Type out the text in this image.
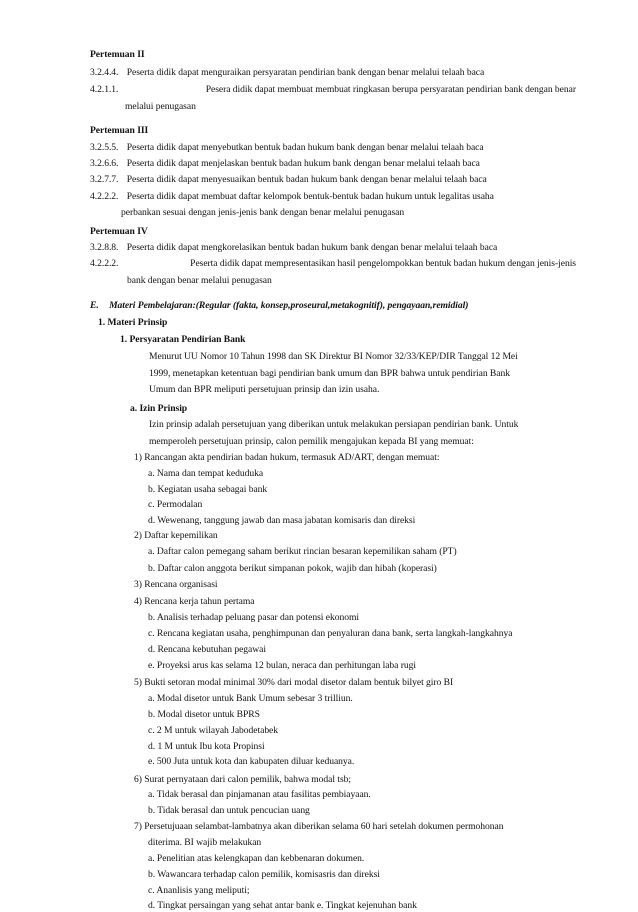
Pertemuan II
3.2.4.4. Peserta didik dapat menguraikan persyaratan pendirian bank dengan benar melalui telaah baca
4.2.1.1.	Pesera didik dapat membuat membuat ringkasan berupa persyaratan pendirian bank dengan benar
melalui penugasan
Pertemuan III
3.2.5.5. Peserta didik dapat menyebutkan bentuk badan hukum bank dengan benar melalui telaah baca
3.2.6.6. Peserta didik dapat menjelaskan bentuk badan hukum bank dengan benar melalui telaah baca
3.2.7.7. Peserta didik dapat menyesuaikan bentuk badan hukum bank dengan benar melalui telaah baca
4.2.2.2. Peserta didik dapat membuat daftar kelompok bentuk-bentuk badan hukum untuk legalitas usaha
perbankan sesuai dengan jenis-jenis bank dengan benar melalui penugasan
Pertemuan IV
3.2.8.8. Peserta didik dapat mengkorelasikan bentuk badan hukum bank dengan benar melalui telaah baca
4.2.2.2.	Peserta didik dapat mempresentasikan hasil pengelompokkan bentuk badan hukum dengan jenis-jenis
bank dengan benar melalui penugasan
E. Materi Pembelajaran:(Regular (fakta, konsep,proseural,metakognitif), pengayaan,remidial)
1. Materi Prinsip
1. Persyaratan Pendirian Bank
Menurut UU Nomor 10 Tahun 1998 dan SK Direktur BI Nomor 32/33/KEP/DIR Tanggal 12 Mei
1999, menetapkan ketentuan bagi pendirian bank umum dan BPR bahwa untuk pendirian Bank
Umum dan BPR meliputi persetujuan prinsip dan izin usaha.
a. Izin Prinsip
Izin prinsip adalah persetujuan yang diberikan untuk melakukan persiapan pendirian bank. Untuk
memperoleh persetujuan prinsip, calon pemilik mengajukan kepada BI yang memuat:
1) Rancangan akta pendirian badan hukum, termasuk AD/ART, dengan memuat:
a. Nama dan tempat keduduka
b. Kegiatan usaha sebagai bank
c. Permodalan
d. Wewenang, tanggung jawab dan masa jabatan komisaris dan direksi
2) Daftar kepemilikan
a. Daftar calon pemegang saham berikut rincian besaran kepemilikan saham (PT)
b. Daftar calon anggota berikut simpanan pokok, wajib dan hibah (koperasi)
3) Rencana organisasi
4) Rencana kerja tahun pertama
b. Analisis terhadap peluang pasar dan potensi ekonomi
c. Rencana kegiatan usaha, penghimpunan dan penyaluran dana bank, serta langkah-langkahnya
d. Rencana kebutuhan pegawai
e. Proyeksi arus kas selama 12 bulan, neraca dan perhitungan laba rugi
5) Bukti setoran modal minimal 30% dari modal disetor dalam bentuk bilyet giro BI
a. Modal disetor untuk Bank Umum sebesar 3 trilliun.
b. Modal disetor untuk BPRS
c. 2 M untuk wilayah Jabodetabek
d. 1 M untuk Ibu kota Propinsi
e. 500 Juta untuk kota dan kabupaten diluar keduanya.
6) Surat pernyataan dari calon pemilik, bahwa modal tsb;
a. Tidak berasal dan pinjamanan atau fasilitas pembiayaan.
b. Tidak berasal dan untuk pencucian uang
7) Persetujuaan selambat-lambatnya akan diberikan selama 60 hari setelah dokumen permohonan
diterima. BI wajib melakukan
a. Penelitian atas kelengkapan dan kebbenaran dokumen.
b. Wawancara terhadap calon pemilik, komisasris dan direksi
c. Ananlisis yang meliputi;
d. Tingkat persaingan yang sehat antar bank e. Tingkat kejenuhan bank
